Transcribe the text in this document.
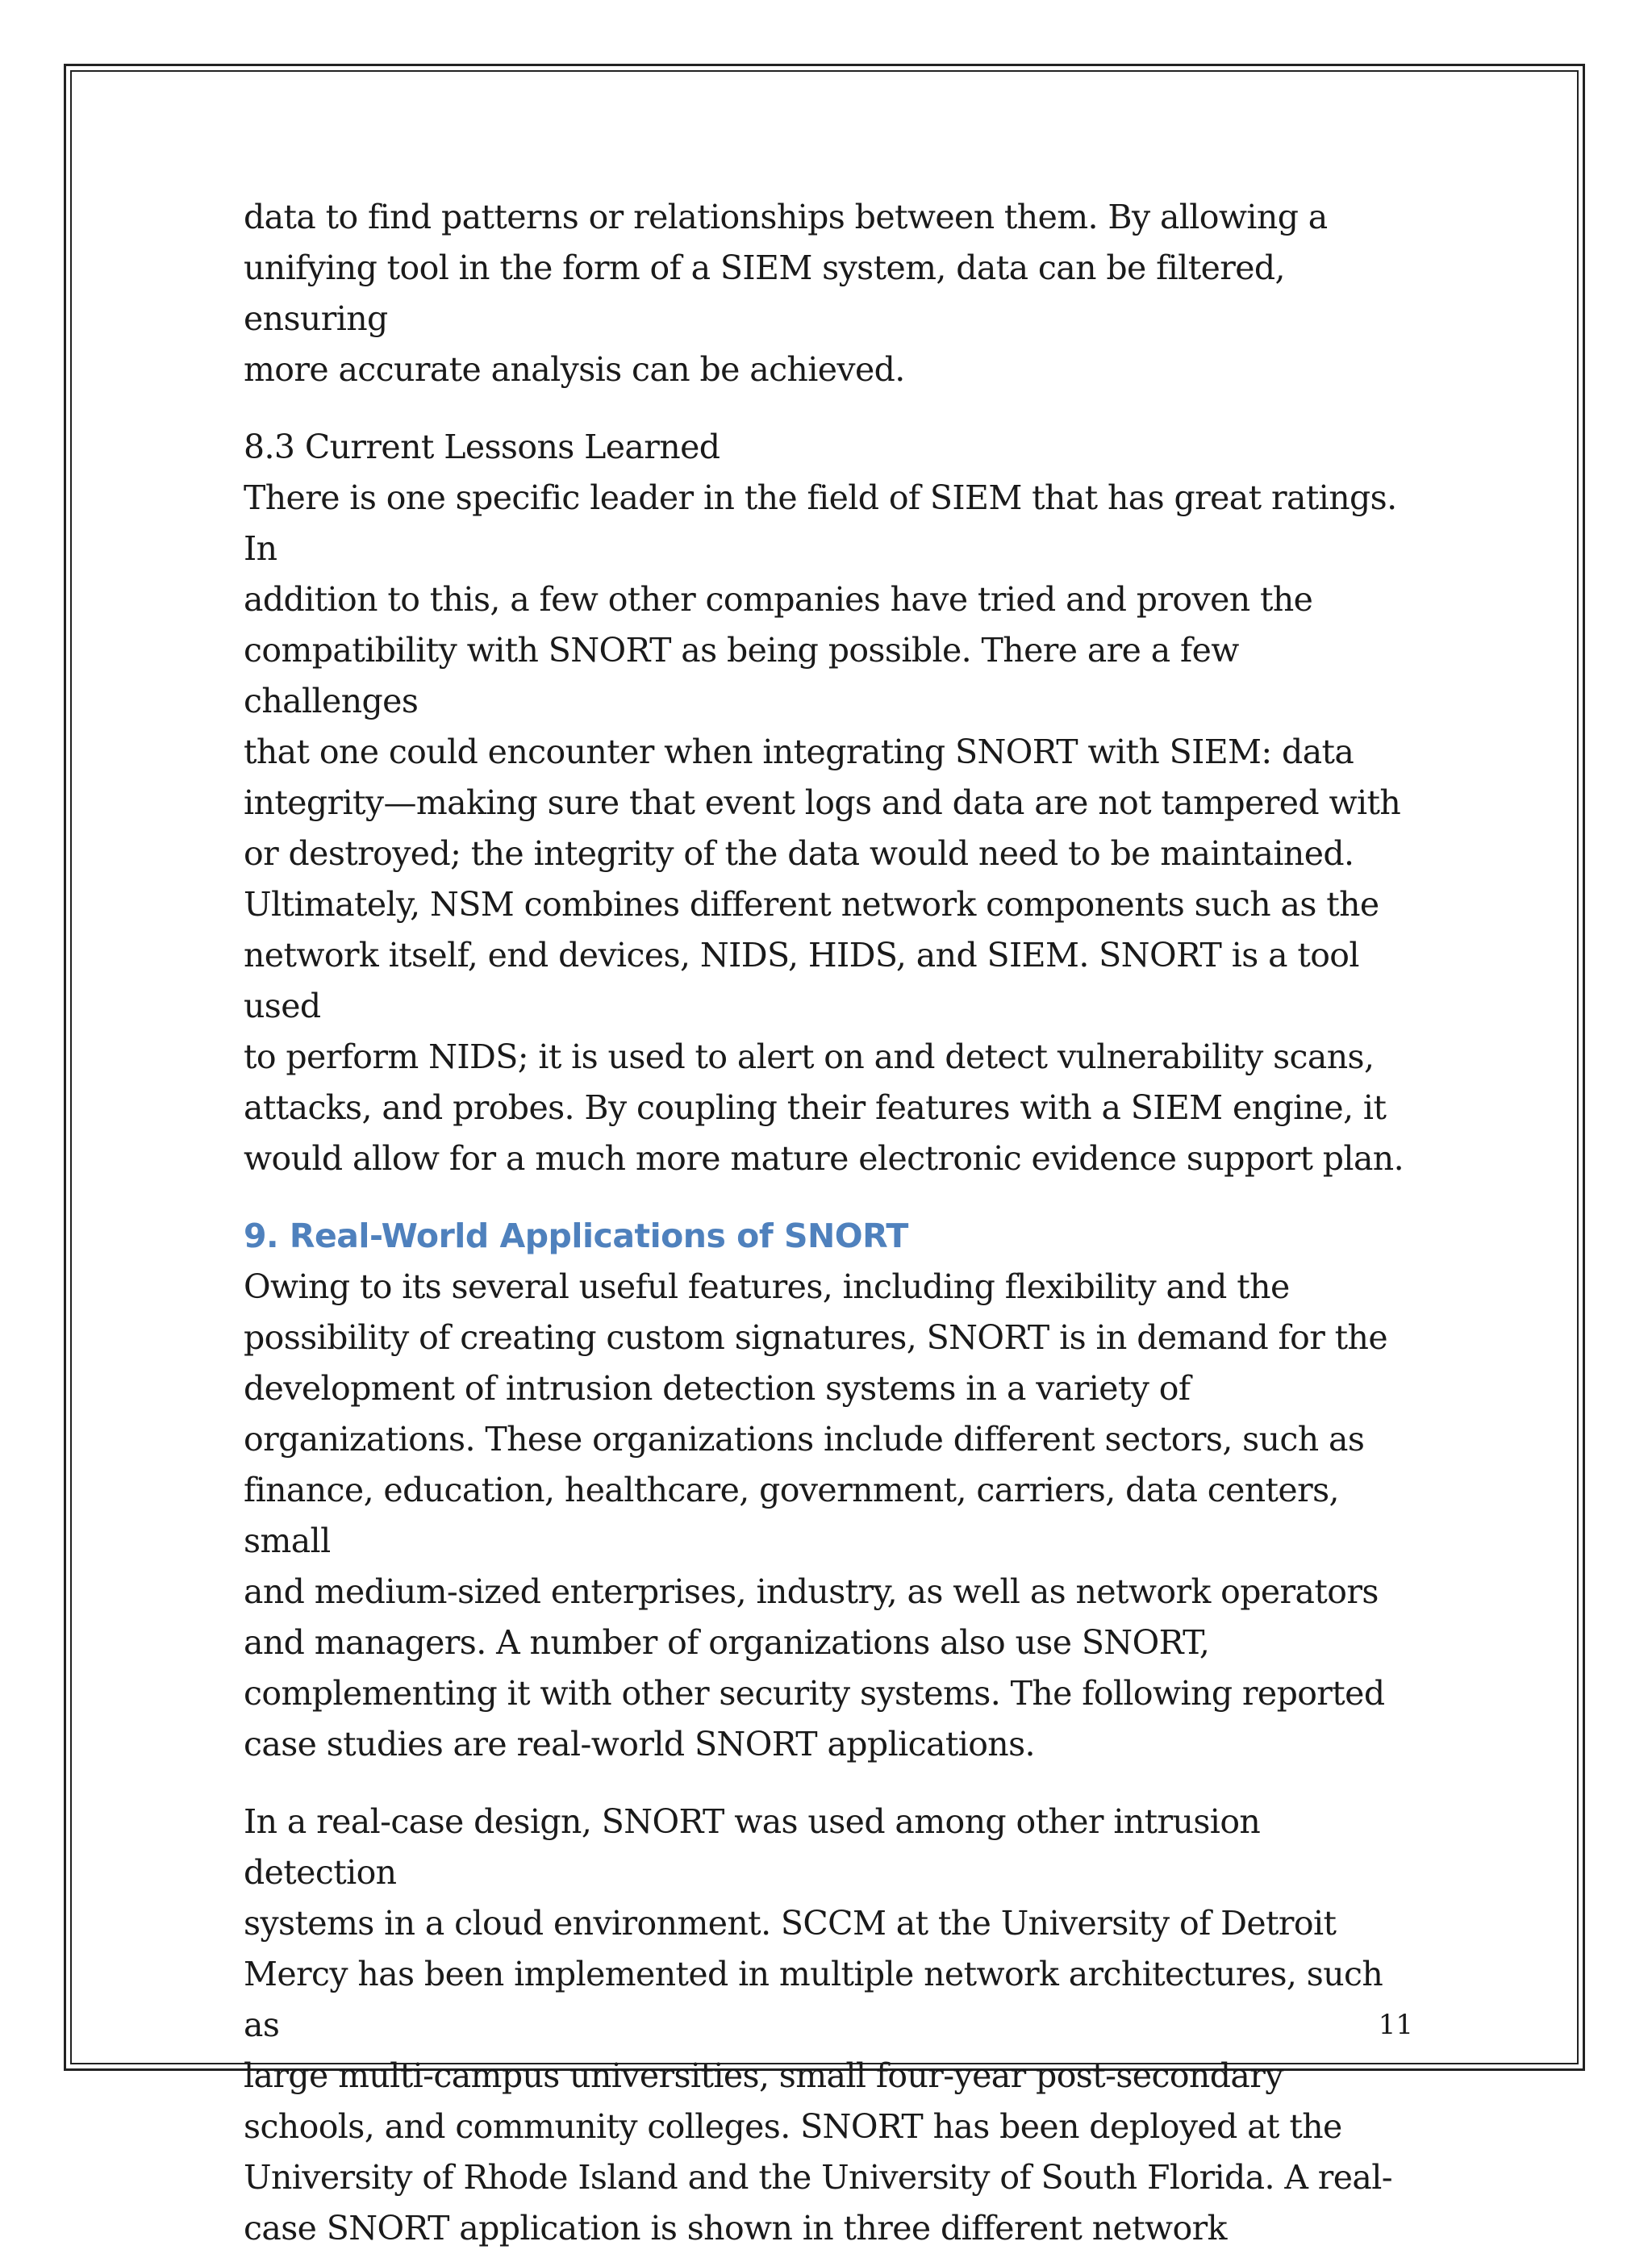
data to find patterns or relationships between them. By allowing a
unifying tool in the form of a SIEM system, data can be filtered, ensuring
more accurate analysis can be achieved.

8.3 Current Lessons Learned

There is one specific leader in the field of SIEM that has great ratings. In
addition to this, a few other companies have tried and proven the
compatibility with SNORT as being possible. There are a few challenges
that one could encounter when integrating SNORT with SIEM: data
integrity—making sure that event logs and data are not tampered with
or destroyed; the integrity of the data would need to be maintained.
Ultimately, NSM combines different network components such as the
network itself, end devices, NIDS, HIDS, and SIEM. SNORT is a tool used
to perform NIDS; it is used to alert on and detect vulnerability scans,
attacks, and probes. By coupling their features with a SIEM engine, it
would allow for a much more mature electronic evidence support plan.

9. Real-World Applications of SNORT

Owing to its several useful features, including flexibility and the
possibility of creating custom signatures, SNORT is in demand for the
development of intrusion detection systems in a variety of
organizations. These organizations include different sectors, such as
finance, education, healthcare, government, carriers, data centers, small
and medium-sized enterprises, industry, as well as network operators
and managers. A number of organizations also use SNORT,
complementing it with other security systems. The following reported
case studies are real-world SNORT applications.

In a real-case design, SNORT was used among other intrusion detection
systems in a cloud environment. SCCM at the University of Detroit
Mercy has been implemented in multiple network architectures, such as
large multi-campus universities, small four-year post-secondary
schools, and community colleges. SNORT has been deployed at the
University of Rhode Island and the University of South Florida. A real-
case SNORT application is shown in three different network

11
